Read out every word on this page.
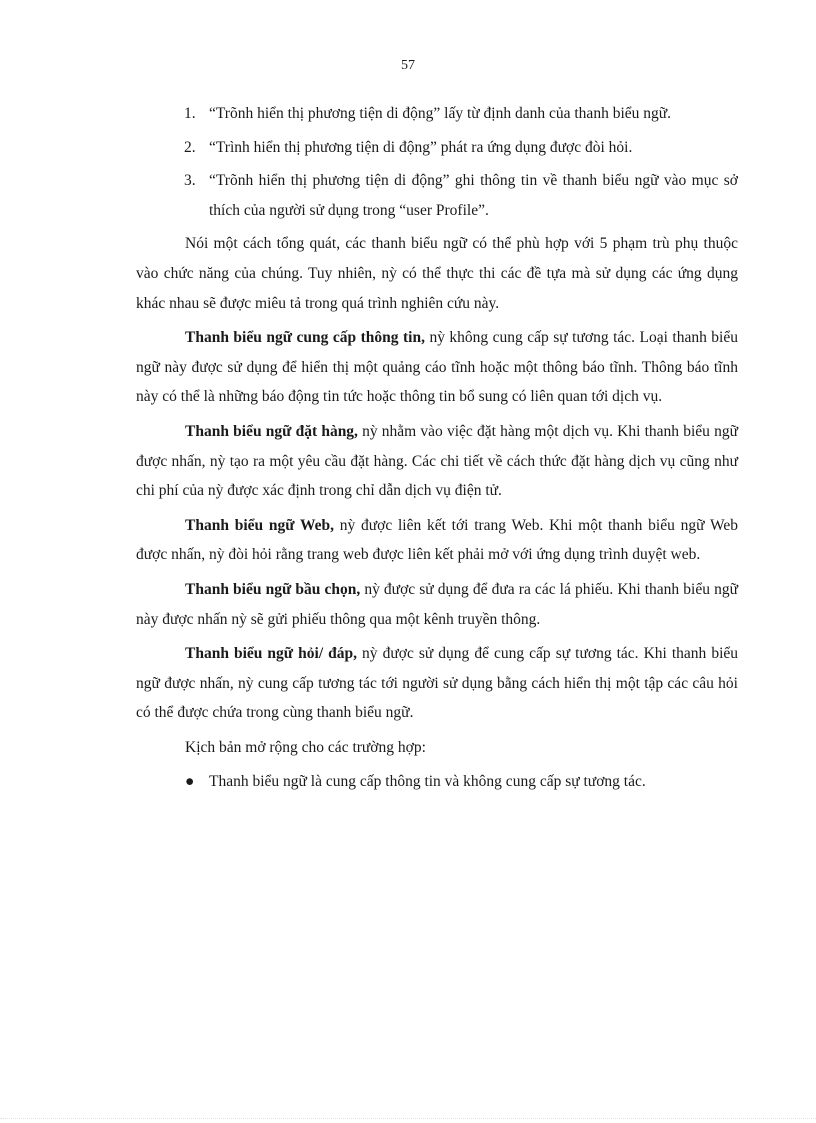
57
1. “Trõnh hiển thị phương tiện di động” lấy từ định danh của thanh biểu ngữ.
2. “Trình hiển thị phương tiện di động” phát ra ứng dụng được đòi hỏi.
3. “Trõnh hiển thị phương tiện di động” ghi thông tin về thanh biểu ngữ vào mục sở thích của người sử dụng trong “user Profile”.

Nói một cách tổng quát, các thanh biểu ngữ có thể phù hợp với 5 phạm trù phụ thuộc vào chức năng của chúng. Tuy nhiên, nỳ có thể thực thi các đề tựa mà sử dụng các ứng dụng khác nhau sẽ được miêu tả trong quá trình nghiên cứu này.

Thanh biểu ngữ cung cấp thông tin, nỳ không cung cấp sự tương tác. Loại thanh biểu ngữ này được sử dụng để hiển thị một quảng cáo tĩnh hoặc một thông báo tĩnh. Thông báo tĩnh này có thể là những báo động tin tức hoặc thông tin bổ sung có liên quan tới dịch vụ.

Thanh biểu ngữ đặt hàng, nỳ nhằm vào việc đặt hàng một dịch vụ. Khi thanh biểu ngữ được nhấn, nỳ tạo ra một yêu cầu đặt hàng. Các chi tiết về cách thức đặt hàng dịch vụ cũng như chi phí của nỳ được xác định trong chỉ dẫn dịch vụ điện tử.

Thanh biểu ngữ Web, nỳ được liên kết tới trang Web. Khi một thanh biểu ngữ Web được nhấn, nỳ đòi hỏi rằng trang web được liên kết phải mở với ứng dụng trình duyệt web.

Thanh biểu ngữ bầu chọn, nỳ được sử dụng để đưa ra các lá phiếu. Khi thanh biểu ngữ này được nhấn nỳ sẽ gửi phiếu thông qua một kênh truyền thông.

Thanh biểu ngữ hỏi/ đáp, nỳ được sử dụng để cung cấp sự tương tác. Khi thanh biểu ngữ được nhấn, nỳ cung cấp tương tác tới người sử dụng bằng cách hiển thị một tập các câu hỏi có thể được chứa trong cùng thanh biểu ngữ.

Kịch bản mở rộng cho các trường hợp:

● Thanh biểu ngữ là cung cấp thông tin và không cung cấp sự tương tác.
